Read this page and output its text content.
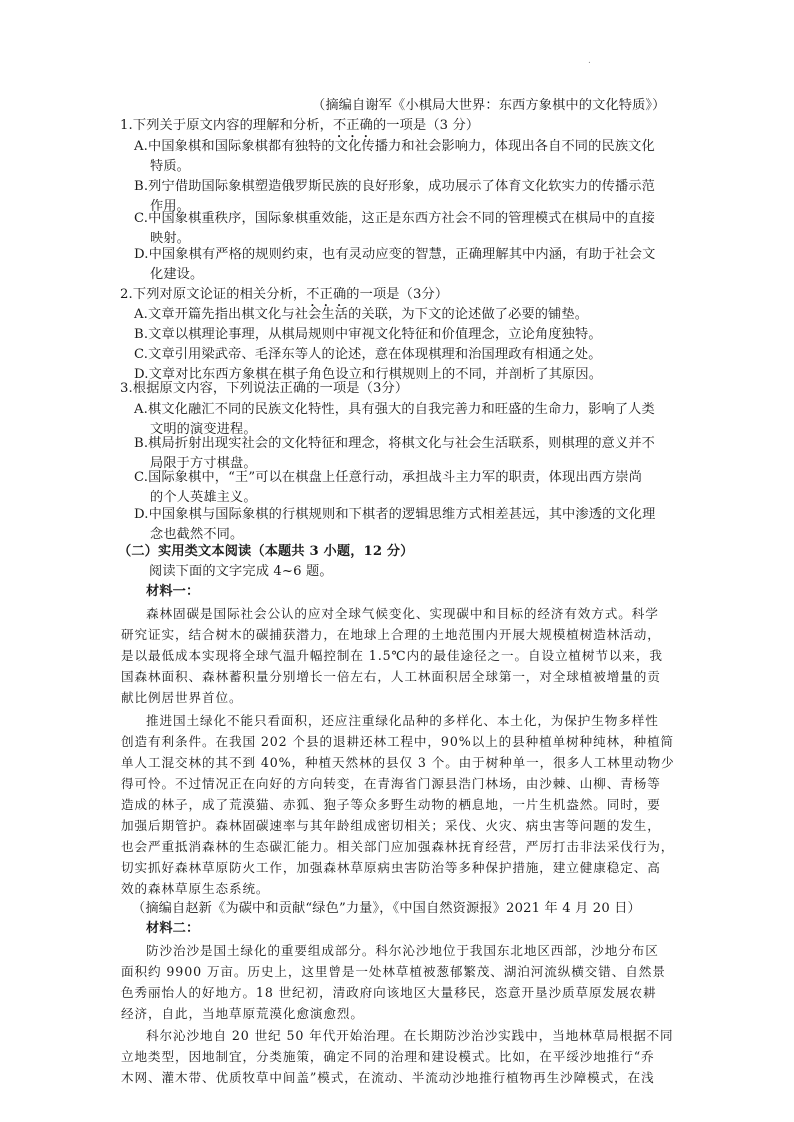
.
（摘编自谢军《小棋局大世界：东西方象棋中的文化特质》）
1.下列关于原文内容的理解和分析，不正确的一项是（3 分）
A.中国象棋和国际象棋都有独特的文化传播力和社会影响力，体现出各自不同的民族文化
特质。
B.列宁借助国际象棋塑造俄罗斯民族的良好形象，成功展示了体育文化软实力的传播示范
作用。
C.中国象棋重秩序，国际象棋重效能，这正是东西方社会不同的管理模式在棋局中的直接
映射。
D.中国象棋有严格的规则约束，也有灵动应变的智慧，正确理解其中内涵，有助于社会文
化建设。
2.下列对原文论证的相关分析，不正确的一项是（3分）
A.文章开篇先指出棋文化与社会生活的关联，为下文的论述做了必要的铺垫。
B.文章以棋理论事理，从棋局规则中审视文化特征和价值理念，立论角度独特。
C.文章引用梁武帝、毛泽东等人的论述，意在体现棋理和治国理政有相通之处。
D.文章对比东西方象棋在棋子角色设立和行棋规则上的不同，并剖析了其原因。
3.根据原文内容，下列说法正确的一项是（3分）
A.棋文化融汇不同的民族文化特性，具有强大的自我完善力和旺盛的生命力，影响了人类
文明的演变进程。
B.棋局折射出现实社会的文化特征和理念，将棋文化与社会生活联系，则棋理的意义并不
局限于方寸棋盘。
C.国际象棋中，“王”可以在棋盘上任意行动，承担战斗主力军的职责，体现出西方崇尚
的个人英雄主义。
D.中国象棋与国际象棋的行棋规则和下棋者的逻辑思维方式相差甚远，其中渗透的文化理
念也截然不同。
（二）实用类文本阅读（本题共 3 小题，12 分）
阅读下面的文字完成 4~6 题。
材料一：
森林固碳是国际社会公认的应对全球气候变化、实现碳中和目标的经济有效方式。科学
研究证实，结合树木的碳捕获潜力，在地球上合理的土地范围内开展大规模植树造林活动，
是以最低成本实现将全球气温升幅控制在 1.5℃内的最佳途径之一。自设立植树节以来，我
国森林面积、森林蓄积量分别增长一倍左右，人工林面积居全球第一，对全球植被增量的贡
献比例居世界首位。
推进国土绿化不能只看面积，还应注重绿化品种的多样化、本土化，为保护生物多样性
创造有利条件。在我国 202 个县的退耕还林工程中，90%以上的县种植单树种纯林，种植简
单人工混交林的其不到 40%，种植天然林的县仅 3 个。由于树种单一，很多人工林里动物少
得可怜。不过情况正在向好的方向转变，在青海省门源县浩门林场，由沙棘、山柳、青杨等
造成的林子，成了荒漠猫、赤狐、狍子等众多野生动物的栖息地，一片生机盎然。同时，要
加强后期管护。森林固碳速率与其年龄组成密切相关；采伐、火灾、病虫害等问题的发生，
也会严重抵消森林的生态碳汇能力。相关部门应加强森林抚育经营，严厉打击非法采伐行为，
切实抓好森林草原防火工作，加强森林草原病虫害防治等多种保护措施，建立健康稳定、高
效的森林草原生态系统。
（摘编自赵新《为碳中和贡献“绿色”力量》，《中国自然资源报》2021 年 4 月 20 日）
材料二：
防沙治沙是国土绿化的重要组成部分。科尔沁沙地位于我国东北地区西部，沙地分布区
面积约 9900 万亩。历史上，这里曾是一处林草植被葱郁繁茂、湖泊河流纵横交错、自然景
色秀丽怡人的好地方。18 世纪初，清政府向该地区大量移民，恣意开垦沙质草原发展农耕
经济，自此，当地草原荒漠化愈演愈烈。
科尔沁沙地自 20 世纪 50 年代开始治理。在长期防沙治沙实践中，当地林草局根据不同
立地类型，因地制宜，分类施策，确定不同的治理和建设模式。比如，在平绥沙地推行“乔
木网、灌木带、优质牧草中间盖”模式，在流动、半流动沙地推行植物再生沙障模式，在浅
